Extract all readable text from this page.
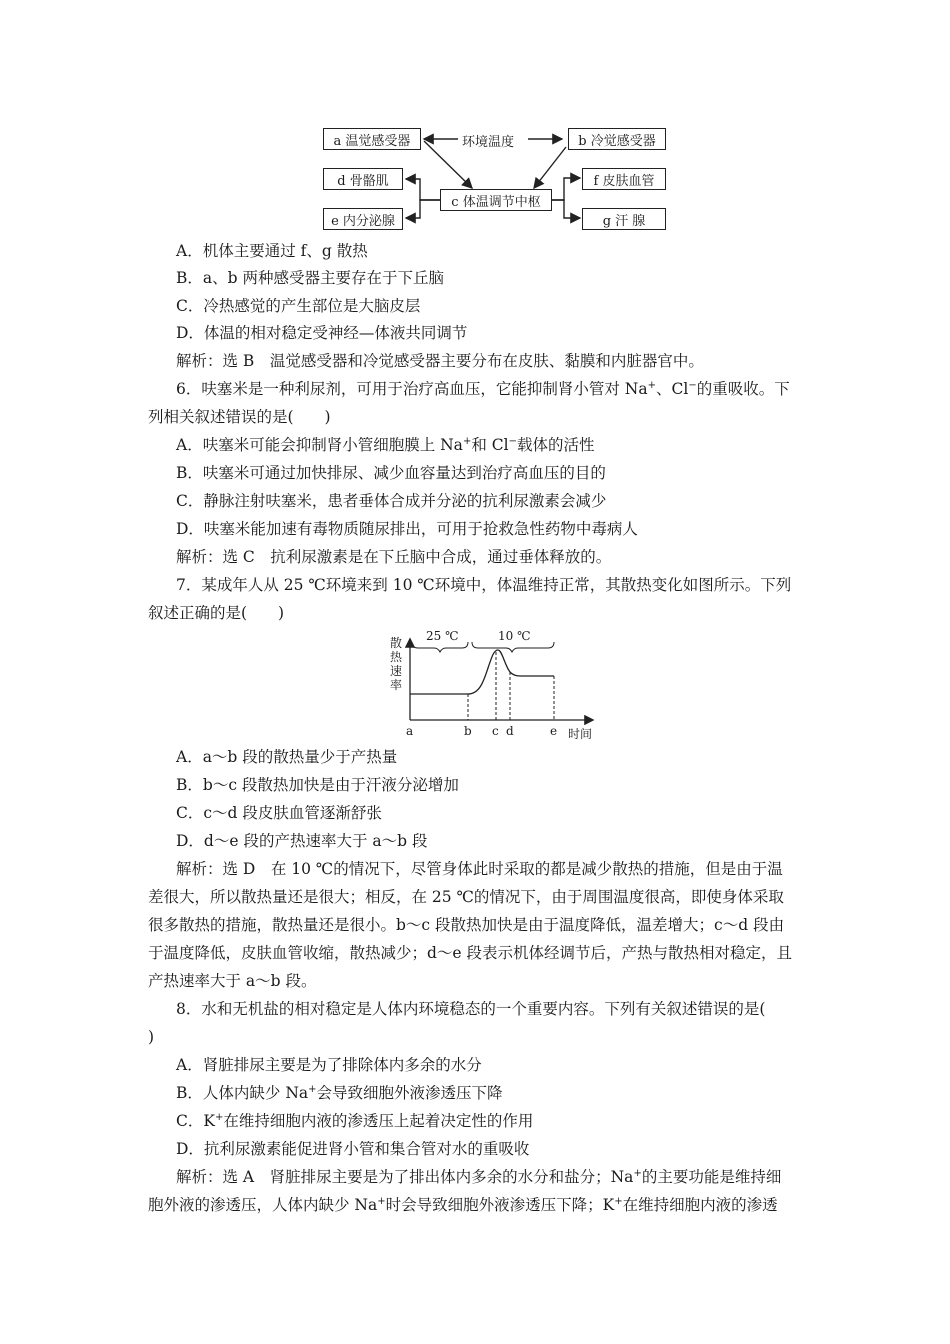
a 温觉感受器	环境温度	b 冷觉感受器
d 骨骼肌
c 体温调节中枢
f 皮肤血管
e 内分泌腺	g 汗 腺
A．机体主要通过 f、g 散热
B．a、b 两种感受器主要存在于下丘脑
C．冷热感觉的产生部位是大脑皮层
D．体温的相对稳定受神经—体液共同调节
解析：选 B　温觉感受器和冷觉感受器主要分布在皮肤、黏膜和内脏器官中。
6．呋塞米是一种利尿剂，可用于治疗高血压，它能抑制肾小管对 Na+、Cl−的重吸收。下
列相关叙述错误的是(　　)
A．呋塞米可能会抑制肾小管细胞膜上 Na+和 Cl−载体的活性
B．呋塞米可通过加快排尿、减少血容量达到治疗高血压的目的
C．静脉注射呋塞米，患者垂体合成并分泌的抗利尿激素会减少
D．呋塞米能加速有毒物质随尿排出，可用于抢救急性药物中毒病人
解析：选 C　抗利尿激素是在下丘脑中合成，通过垂体释放的。
7．某成年人从 25 ℃环境来到 10 ℃环境中，体温维持正常，其散热变化如图所示。下列
叙述正确的是(　　)
25 ℃	10 ℃
散
热
速
率
a	b c d	e 时间
A．a～b 段的散热量少于产热量
B．b～c 段散热加快是由于汗液分泌增加
C．c～d 段皮肤血管逐渐舒张
D．d～e 段的产热速率大于 a～b 段
解析：选 D　在 10 ℃的情况下，尽管身体此时采取的都是减少散热的措施，但是由于温
差很大，所以散热量还是很大；相反，在 25 ℃的情况下，由于周围温度很高，即使身体采取
很多散热的措施，散热量还是很小。b～c 段散热加快是由于温度降低，温差增大；c～d 段由
于温度降低，皮肤血管收缩，散热减少；d～e 段表示机体经调节后，产热与散热相对稳定，且
产热速率大于 a～b 段。
8．水和无机盐的相对稳定是人体内环境稳态的一个重要内容。下列有关叙述错误的是(
)
A．肾脏排尿主要是为了排除体内多余的水分
B．人体内缺少 Na+会导致细胞外液渗透压下降
C．K+在维持细胞内液的渗透压上起着决定性的作用
D．抗利尿激素能促进肾小管和集合管对水的重吸收
解析：选 A　肾脏排尿主要是为了排出体内多余的水分和盐分；Na+的主要功能是维持细
胞外液的渗透压，人体内缺少 Na+时会导致细胞外液渗透压下降；K+在维持细胞内液的渗透
